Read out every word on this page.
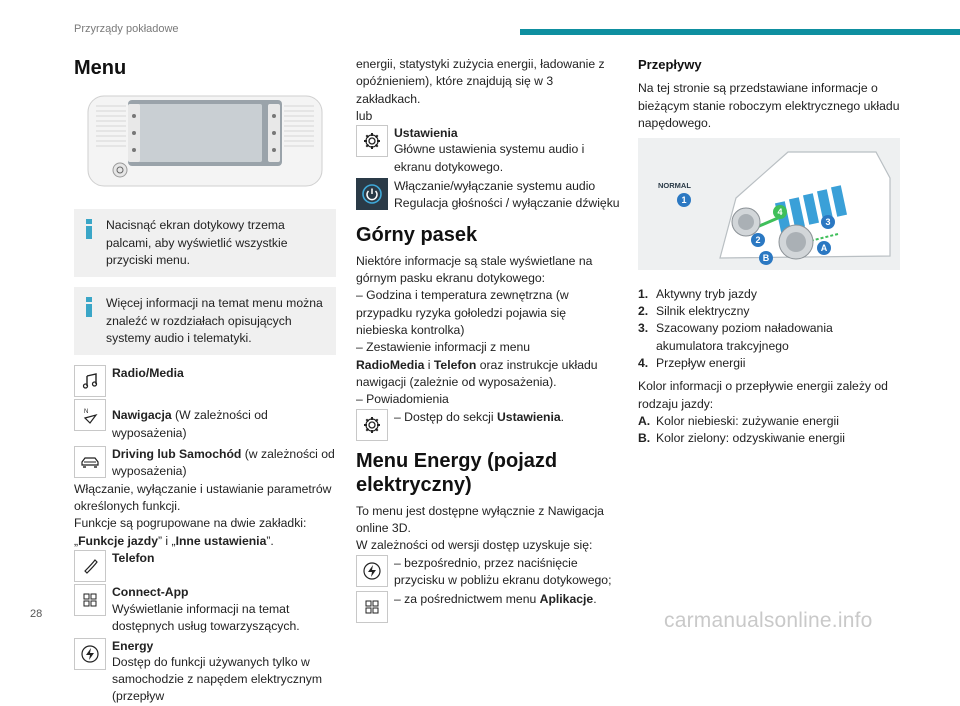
Przyrządy pokładowe
Menu

Nacisnąć ekran dotykowy trzema palcami, aby wyświetlić wszystkie przyciski menu.

Więcej informacji na temat menu można znaleźć w rozdziałach opisujących systemy audio i telematyki.

Radio/Media
N Nawigacja (W zależności od wyposażenia)
Driving lub Samochód (w zależności od wyposażenia)

Włączanie, wyłączanie i ustawianie parametrów określonych funkcji.

Funkcje są pogrupowane na dwie zakładki:

„Funkcje jazdy” i „Inne ustawienia”.

Telefon
Connect-App

Wyświetlanie informacji na temat dostępnych usług towarzyszących.

Energy

Dostęp do funkcji używanych tylko w samochodzie z napędem elektrycznym (przepływ

energii, statystyki zużycia energii, ładowanie z opóźnieniem), które znajdują się w 3 zakładkach.

lub

Ustawienia

Główne ustawienia systemu audio i ekranu dotykowego.

Włączanie/wyłączanie systemu audio
Regulacja głośności / wyłączanie dźwięku
Górny pasek

Niektóre informacje są stale wyświetlane na górnym pasku ekranu dotykowego:

– Godzina i temperatura zewnętrzna (w przypadku ryzyka gołoledzi pojawia się niebieska kontrolka)

– Zestawienie informacji z menu

RadioMedia i Telefon oraz instrukcje układu nawigacji (zależnie od wyposażenia).

– Powiadomienia

– Dostęp do sekcji Ustawienia.
Menu Energy (pojazd elektryczny)

To menu jest dostępne wyłącznie z Nawigacja online 3D.

W zależności od wersji dostęp uzyskuje się:

– bezpośrednio, przez naciśnięcie przycisku w pobliżu ekranu dotykowego;
– za pośrednictwem menu Aplikacje.
Przepływy

Na tej stronie są przedstawiane informacje o bieżącym stanie roboczym elektrycznego układu napędowego.

NORMAL
1
2
3
4
A
B
1. Aktywny tryb jazdy
2. Silnik elektryczny
3. Szacowany poziom naładowania akumulatora trakcyjnego
4. Przepływ energii

Kolor informacji o przepływie energii zależy od rodzaju jazdy:

A. Kolor niebieski: zużywanie energii
B. Kolor zielony: odzyskiwanie energii
28	carmanualsonline.info
